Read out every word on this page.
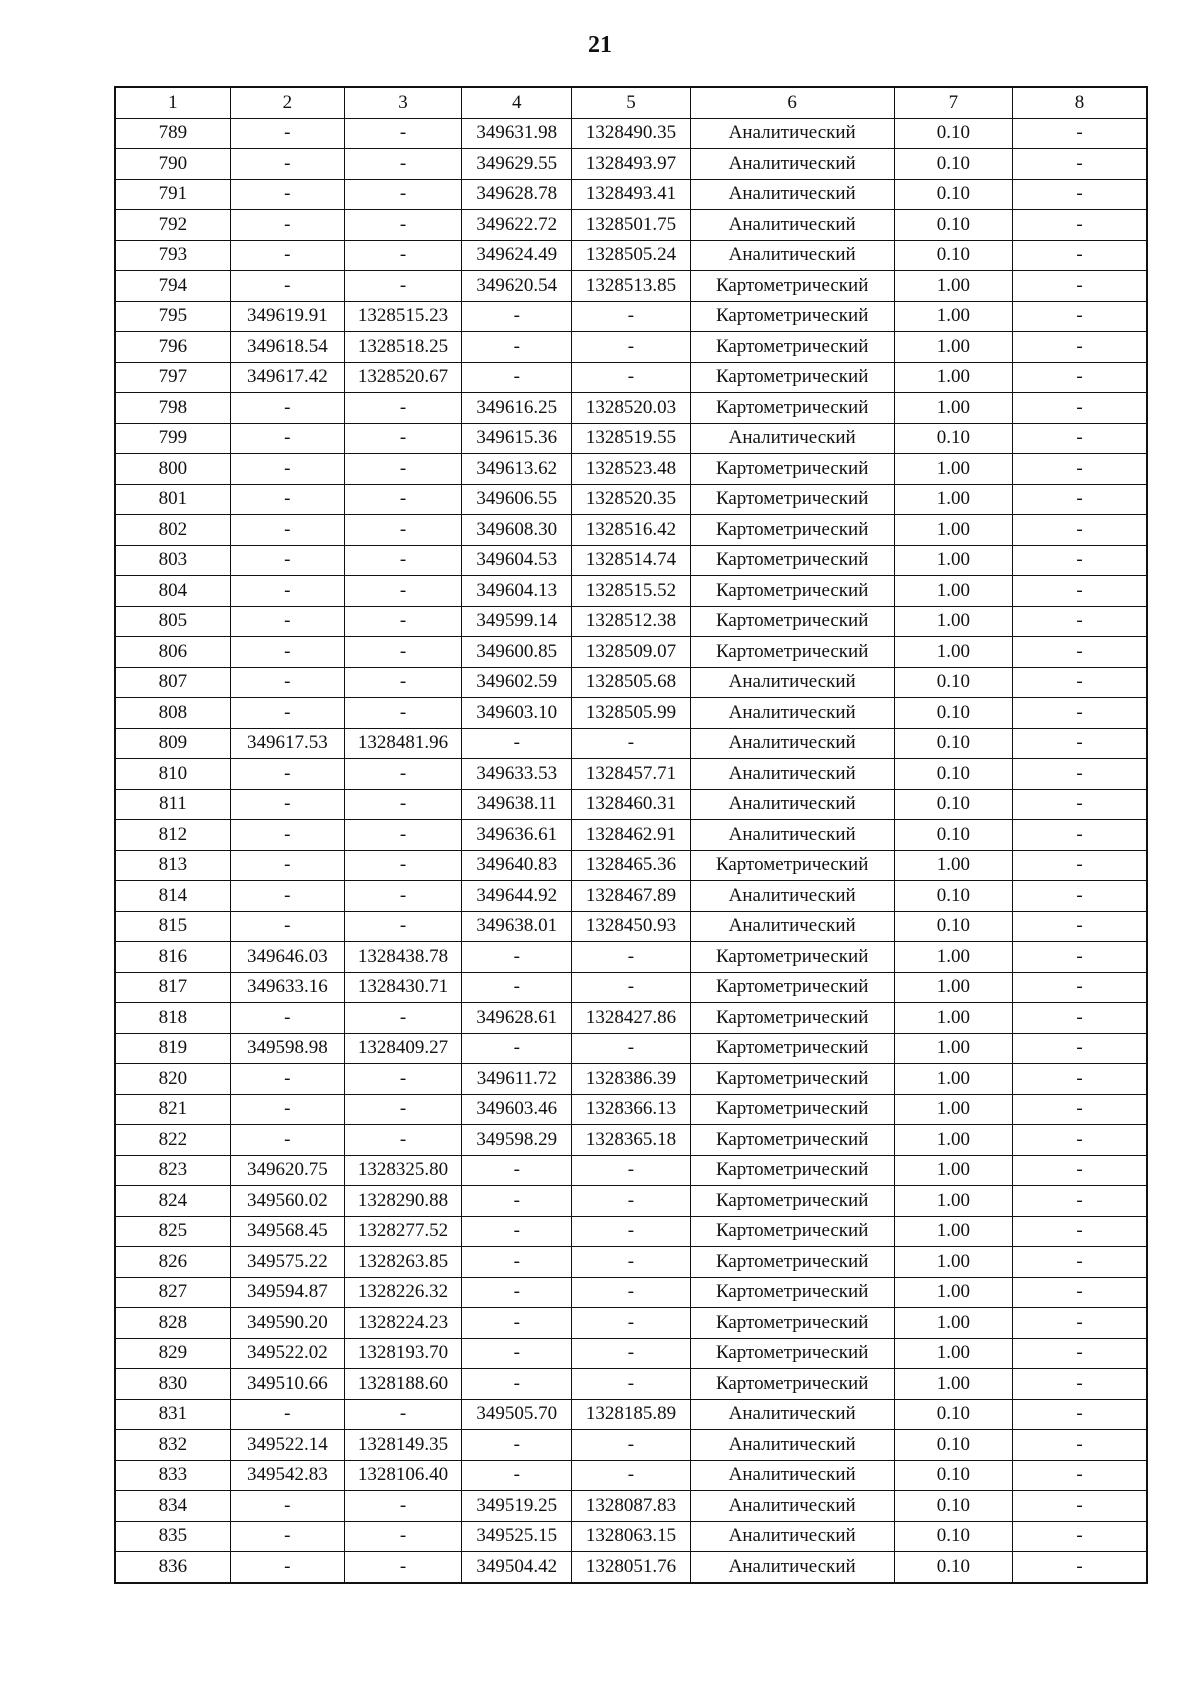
21
1	2	3	4	5	6	7	8
789	-	-	349631.98	1328490.35	Аналитический	0.10	-
790	-	-	349629.55	1328493.97	Аналитический	0.10	-
791	-	-	349628.78	1328493.41	Аналитический	0.10	-
792	-	-	349622.72	1328501.75	Аналитический	0.10	-
793	-	-	349624.49	1328505.24	Аналитический	0.10	-
794	-	-	349620.54	1328513.85	Картометрический	1.00	-
795	349619.91	1328515.23	-	-	Картометрический	1.00	-
796	349618.54	1328518.25	-	-	Картометрический	1.00	-
797	349617.42	1328520.67	-	-	Картометрический	1.00	-
798	-	-	349616.25	1328520.03	Картометрический	1.00	-
799	-	-	349615.36	1328519.55	Аналитический	0.10	-
800	-	-	349613.62	1328523.48	Картометрический	1.00	-
801	-	-	349606.55	1328520.35	Картометрический	1.00	-
802	-	-	349608.30	1328516.42	Картометрический	1.00	-
803	-	-	349604.53	1328514.74	Картометрический	1.00	-
804	-	-	349604.13	1328515.52	Картометрический	1.00	-
805	-	-	349599.14	1328512.38	Картометрический	1.00	-
806	-	-	349600.85	1328509.07	Картометрический	1.00	-
807	-	-	349602.59	1328505.68	Аналитический	0.10	-
808	-	-	349603.10	1328505.99	Аналитический	0.10	-
809	349617.53	1328481.96	-	-	Аналитический	0.10	-
810	-	-	349633.53	1328457.71	Аналитический	0.10	-
811	-	-	349638.11	1328460.31	Аналитический	0.10	-
812	-	-	349636.61	1328462.91	Аналитический	0.10	-
813	-	-	349640.83	1328465.36	Картометрический	1.00	-
814	-	-	349644.92	1328467.89	Аналитический	0.10	-
815	-	-	349638.01	1328450.93	Аналитический	0.10	-
816	349646.03	1328438.78	-	-	Картометрический	1.00	-
817	349633.16	1328430.71	-	-	Картометрический	1.00	-
818	-	-	349628.61	1328427.86	Картометрический	1.00	-
819	349598.98	1328409.27	-	-	Картометрический	1.00	-
820	-	-	349611.72	1328386.39	Картометрический	1.00	-
821	-	-	349603.46	1328366.13	Картометрический	1.00	-
822	-	-	349598.29	1328365.18	Картометрический	1.00	-
823	349620.75	1328325.80	-	-	Картометрический	1.00	-
824	349560.02	1328290.88	-	-	Картометрический	1.00	-
825	349568.45	1328277.52	-	-	Картометрический	1.00	-
826	349575.22	1328263.85	-	-	Картометрический	1.00	-
827	349594.87	1328226.32	-	-	Картометрический	1.00	-
828	349590.20	1328224.23	-	-	Картометрический	1.00	-
829	349522.02	1328193.70	-	-	Картометрический	1.00	-
830	349510.66	1328188.60	-	-	Картометрический	1.00	-
831	-	-	349505.70	1328185.89	Аналитический	0.10	-
832	349522.14	1328149.35	-	-	Аналитический	0.10	-
833	349542.83	1328106.40	-	-	Аналитический	0.10	-
834	-	-	349519.25	1328087.83	Аналитический	0.10	-
835	-	-	349525.15	1328063.15	Аналитический	0.10	-
836	-	-	349504.42	1328051.76	Аналитический	0.10	-
